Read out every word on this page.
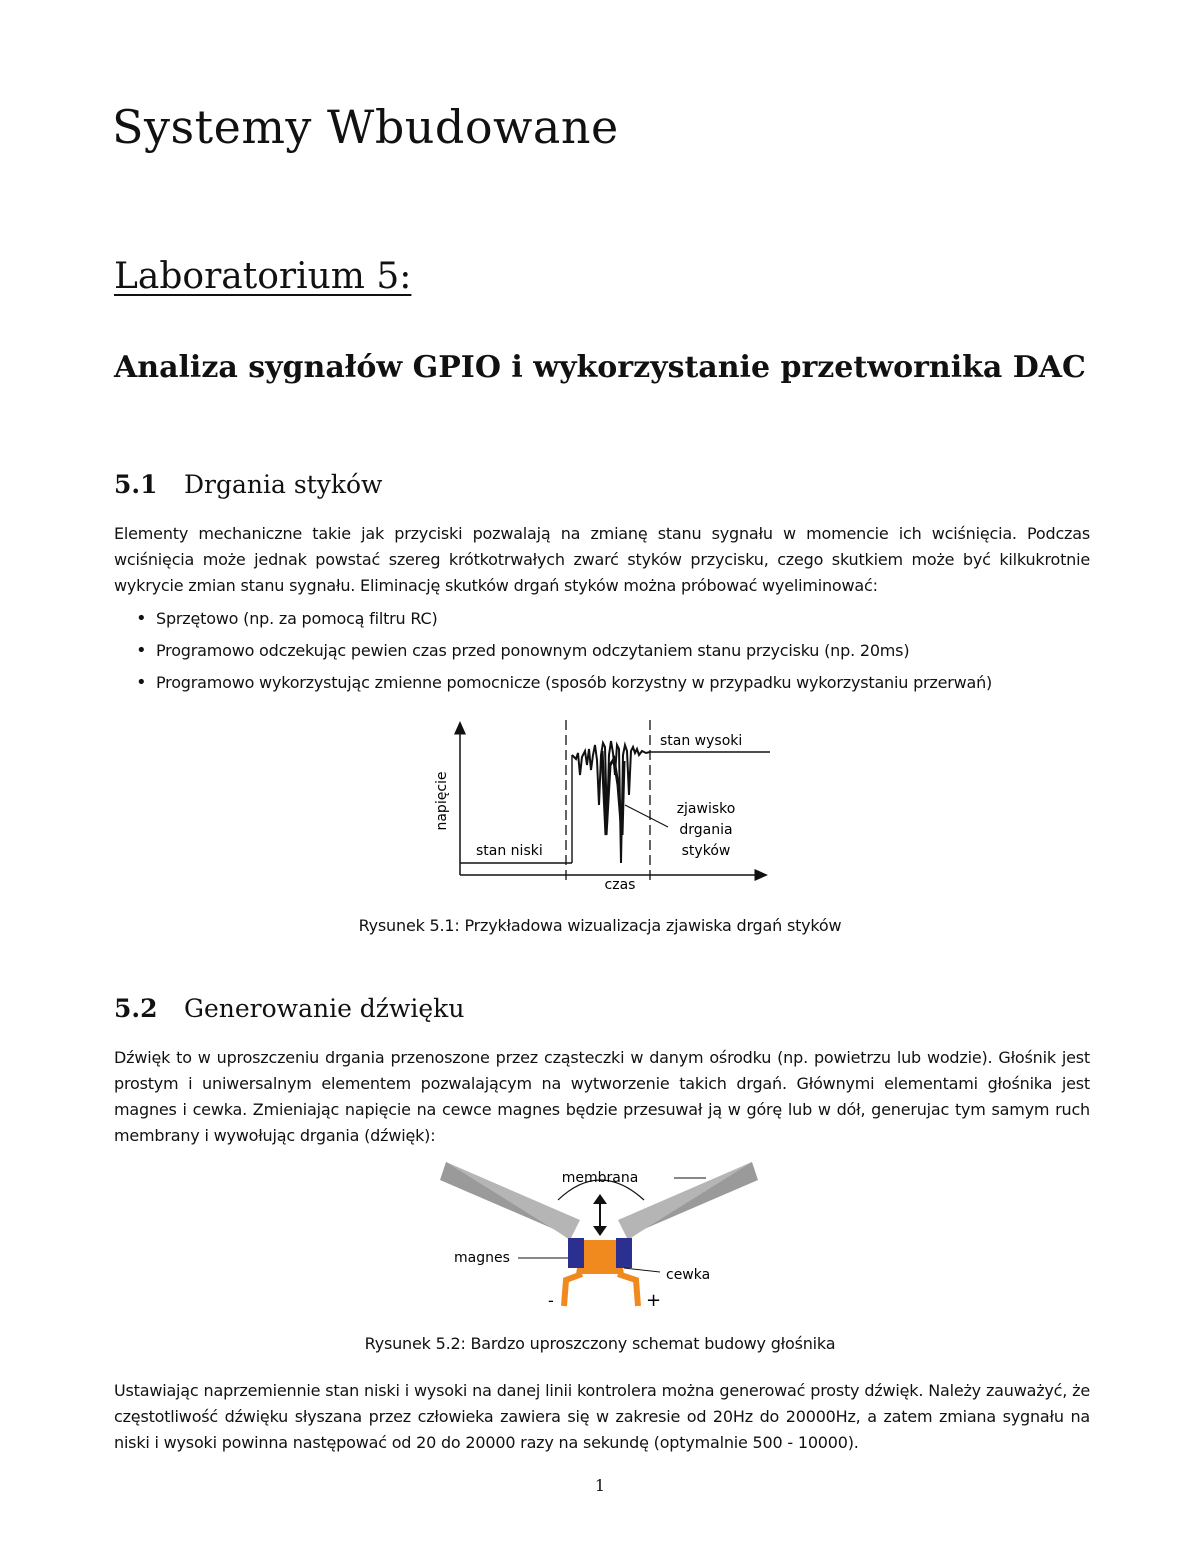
Systemy Wbudowane
Laboratorium 5:
Analiza sygnałów GPIO i wykorzystanie przetwornika DAC
5.1 Drgania styków
Elementy mechaniczne takie jak przyciski pozwalają na zmianę stanu sygnału w momencie ich wciśnięcia. Podczas wciśnięcia może jednak powstać szereg krótkotrwałych zwarć styków przycisku, czego skutkiem może być kilkukrotnie wykrycie zmian stanu sygnału. Eliminację skutków drgań styków można próbować wyeliminować:
• Sprzętowo (np. za pomocą filtru RC)
• Programowo odczekując pewien czas przed ponownym odczytaniem stanu przycisku (np. 20ms)
• Programowo wykorzystując zmienne pomocnicze (sposób korzystny w przypadku wykorzystaniu przerwań)
napięcie
czas
stan wysoki
stan niski
zjawisko
drgania
styków
Rysunek 5.1: Przykładowa wizualizacja zjawiska drgań styków
5.2 Generowanie dźwięku
Dźwięk to w uproszczeniu drgania przenoszone przez cząsteczki w danym ośrodku (np. powietrzu lub wodzie). Głośnik jest prostym i uniwersalnym elementem pozwalającym na wytworzenie takich drgań. Głównymi elementami głośnika jest magnes i cewka. Zmieniając napięcie na cewce magnes będzie przesuwał ją w górę lub w dół, generujac tym samym ruch membrany i wywołując drgania (dźwięk):
membrana
magnes
cewka
-	+
Rysunek 5.2: Bardzo uproszczony schemat budowy głośnika
Ustawiając naprzemiennie stan niski i wysoki na danej linii kontrolera można generować prosty dźwięk. Należy zauważyć, że częstotliwość dźwięku słyszana przez człowieka zawiera się w zakresie od 20Hz do 20000Hz, a zatem zmiana sygnału na niski i wysoki powinna następować od 20 do 20000 razy na sekundę (optymalnie 500 - 10000).
1
